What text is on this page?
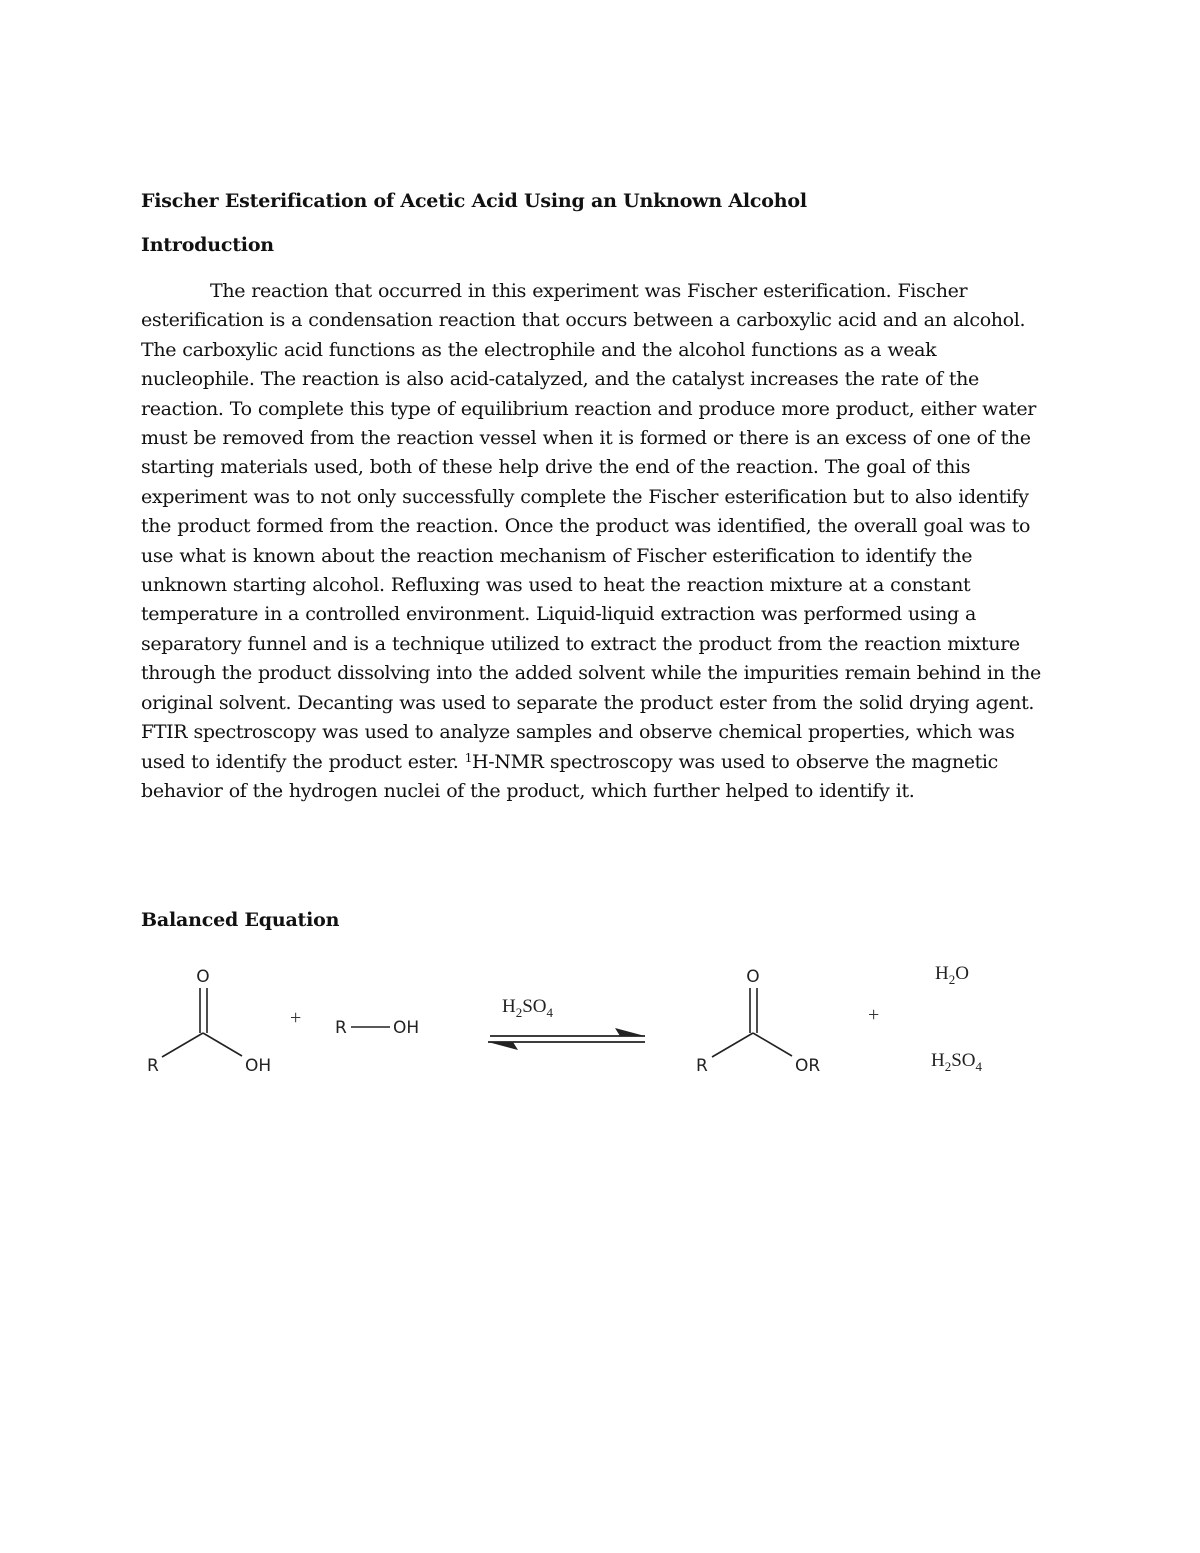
Fischer Esterification of Acetic Acid Using an Unknown Alcohol
Introduction
The reaction that occurred in this experiment was Fischer esterification. Fischer
esterification is a condensation reaction that occurs between a carboxylic acid and an alcohol.
The carboxylic acid functions as the electrophile and the alcohol functions as a weak
nucleophile. The reaction is also acid-catalyzed, and the catalyst increases the rate of the
reaction. To complete this type of equilibrium reaction and produce more product, either water
must be removed from the reaction vessel when it is formed or there is an excess of one of the
starting materials used, both of these help drive the end of the reaction. The goal of this
experiment was to not only successfully complete the Fischer esterification but to also identify
the product formed from the reaction. Once the product was identified, the overall goal was to
use what is known about the reaction mechanism of Fischer esterification to identify the
unknown starting alcohol. Refluxing was used to heat the reaction mixture at a constant
temperature in a controlled environment. Liquid-liquid extraction was performed using a
separatory funnel and is a technique utilized to extract the product from the reaction mixture
through the product dissolving into the added solvent while the impurities remain behind in the
original solvent. Decanting was used to separate the product ester from the solid drying agent.
FTIR spectroscopy was used to analyze samples and observe chemical properties, which was
used to identify the product ester. $^1$H-NMR spectroscopy was used to observe the magnetic
behavior of the hydrogen nuclei of the product, which further helped to identify it.
Balanced Equation
O
R	OH
+ R	OH
$H_2SO_4$
O
R	OR
+
$H_2O$
$H_2SO_4$
